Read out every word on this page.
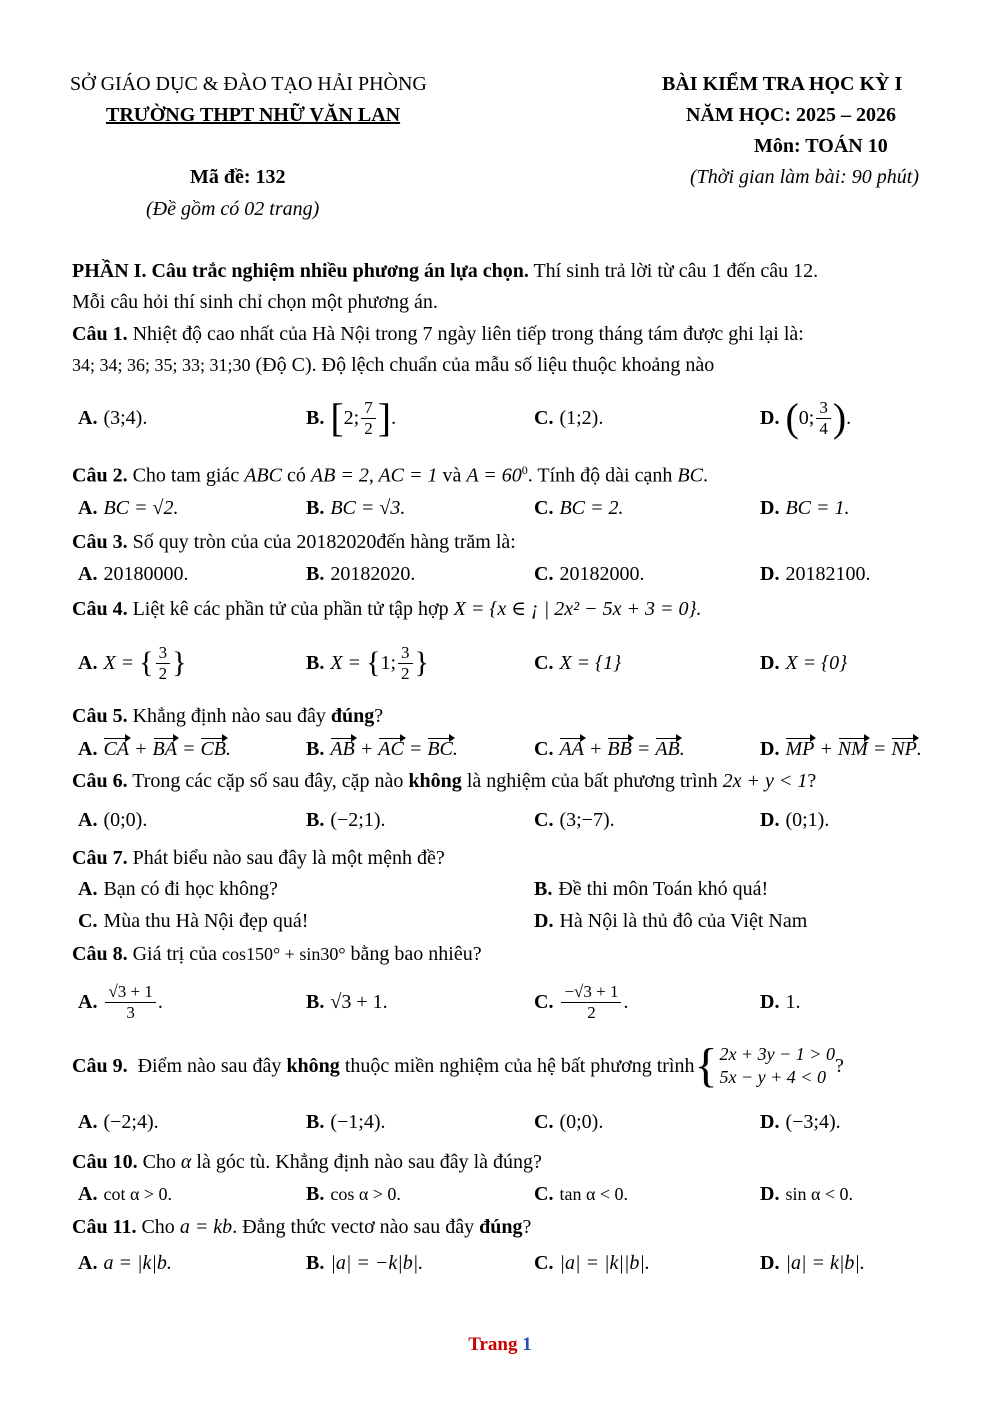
SỞ GIÁO DỤC & ĐÀO TẠO HẢI PHÒNG
TRƯỜNG THPT NHỮ VĂN LAN
BÀI KIỂM TRA HỌC KỲ I
NĂM HỌC: 2025 – 2026
Môn: TOÁN 10
Mã đề: 132	(Thời gian làm bài: 90 phút)
(Đề gồm có 02 trang)
PHẦN I. Câu trắc nghiệm nhiều phương án lựa chọn. Thí sinh trả lời từ câu 1 đến câu 12.
Mỗi câu hỏi thí sinh chỉ chọn một phương án.
Câu 1. Nhiệt độ cao nhất của Hà Nội trong 7 ngày liên tiếp trong tháng tám được ghi lại là:
34; 34; 36; 35; 33; 31;30 (Độ C). Độ lệch chuẩn của mẫu số liệu thuộc khoảng nào
A. (3;4).	B. [ 2; $\frac{7}{2}$ ] .	C. (1;2).	D. ( 0; $\frac{3}{4}$ ) .
Câu 2. Cho tam giác ABC có AB = 2, AC = 1 và $A = 60^0$. Tính độ dài cạnh BC.
A. BC = √2.	B. BC = √3.	C. BC = 2.	D. BC = 1.
Câu 3. Số quy tròn của của 20182020đến hàng trăm là:
A. 20180000.	B. 20182020.	C. 20182000.	D. 20182100.
Câu 4. Liệt kê các phần tử của phần tử tập hợp X = {x ∈ ¡ | 2x² − 5x + 3 = 0}.
A. X = { $\frac{3}{2}$ }	B. X = { 1; $\frac{3}{2}$ }	C. X = {1}	D. X = {0}
Câu 5. Khẳng định nào sau đây đúng?
A. CA + BA = CB .	B. AB + AC = BC .	C. AA + BB = AB .	D. MP + NM = NP .
Câu 6. Trong các cặp số sau đây, cặp nào không là nghiệm của bất phương trình 2x + y < 1?
A. (0;0).	B. (−2;1).	C. (3;−7).	D. (0;1).
Câu 7. Phát biểu nào sau đây là một mệnh đề?
A. Bạn có đi học không?	B. Đề thi môn Toán khó quá!
C. Mùa thu Hà Nội đẹp quá!	D. Hà Nội là thủ đô của Việt Nam
Câu 8. Giá trị của cos150° + sin30° bằng bao nhiêu?
A. $\frac{√3 + 1}{3}$ .	B. √3 + 1.	C. $\frac{-√3 + 1}{2}$ .	D. 1.
Câu 9. Điểm nào sau đây không thuộc miền nghiệm của hệ bất phương trình { 2x + 3y − 1 > 0
5x − y + 4 < 0 ?
A. (−2;4).	B. (−1;4).	C. (0;0).	D. (−3;4).
Câu 10. Cho α là góc tù. Khẳng định nào sau đây là đúng?
A. cot α > 0.	B. cos α > 0.	C. tan α < 0.	D. sin α < 0.
Câu 11. Cho a = kb. Đẳng thức vectơ nào sau đây đúng?
A. a = |k|b.	B. |a| = −k|b|.	C. |a| = |k||b|.	D. |a| = k|b|.
Trang 1
